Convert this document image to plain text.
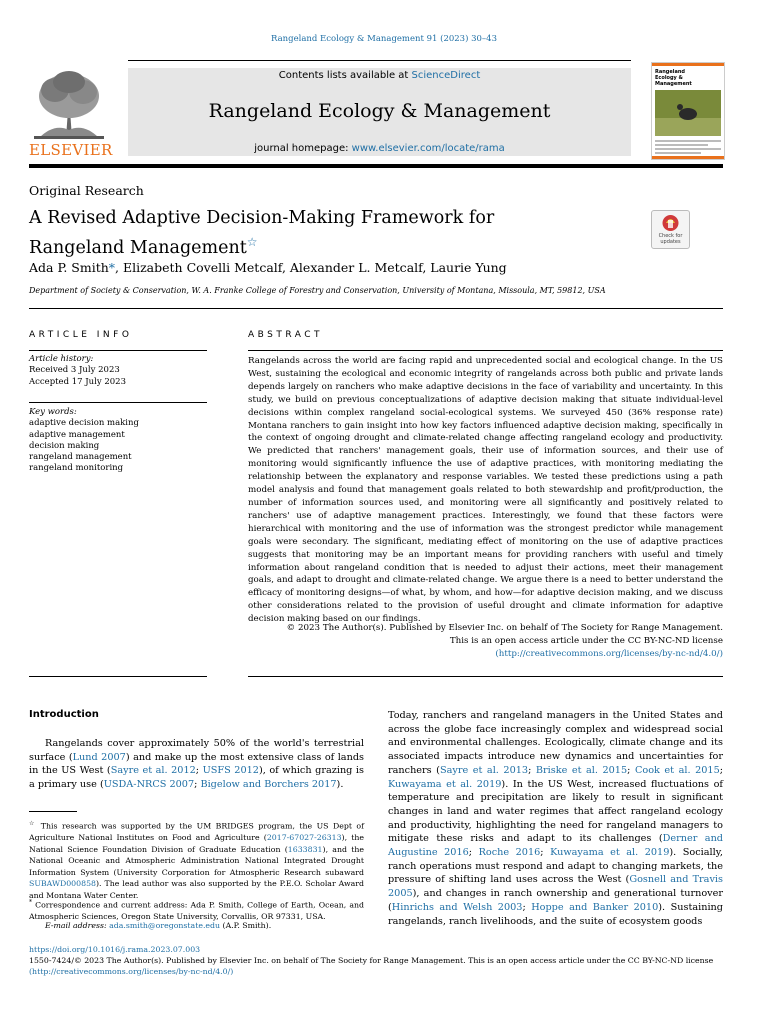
Rangeland Ecology & Management 91 (2023) 30–43
ELSEVIER
Contents lists available at ScienceDirect
Rangeland Ecology & Management
journal homepage: www.elsevier.com/locate/rama
Rangeland
Ecology & Management
Original Research
A Revised Adaptive Decision-Making Framework for Rangeland Management☆	Check for
updates
Ada P. Smith*, Elizabeth Covelli Metcalf, Alexander L. Metcalf, Laurie Yung
Department of Society & Conservation, W. A. Franke College of Forestry and Conservation, University of Montana, Missoula, MT, 59812, USA
ARTICLE INFO
Article history:
Received 3 July 2023
Accepted 17 July 2023
Key words:
adaptive decision making
adaptive management
decision making
rangeland management
rangeland monitoring
ABSTRACT
Rangelands across the world are facing rapid and unprecedented social and ecological change. In the US West, sustaining the ecological and economic integrity of rangelands across both public and private lands depends largely on ranchers who make adaptive decisions in the face of variability and uncertainty. In this study, we build on previous conceptualizations of adaptive decision making that situate individual-level decisions within complex rangeland social-ecological systems. We surveyed 450 (36% response rate) Montana ranchers to gain insight into how key factors influenced adaptive decision making, specifically in the context of ongoing drought and climate-related change affecting rangeland ecology and productivity. We predicted that ranchers' management goals, their use of information sources, and their use of monitoring would significantly influence the use of adaptive practices, with monitoring mediating the relationship between the explanatory and response variables. We tested these predictions using a path model analysis and found that management goals related to both stewardship and profit/production, the number of information sources used, and monitoring were all significantly and positively related to ranchers' use of adaptive management practices. Interestingly, we found that these factors were hierarchical with monitoring and the use of information was the strongest predictor while management goals were secondary. The significant, mediating effect of monitoring on the use of adaptive practices suggests that monitoring may be an important means for providing ranchers with useful and timely information about rangeland condition that is needed to adjust their actions, meet their management goals, and adapt to drought and climate-related change. We argue there is a need to better understand the efficacy of monitoring designs—of what, by whom, and how—for adaptive decision making, and we discuss other considerations related to the provision of useful drought and climate information for adaptive decision making based on our findings.
© 2023 The Author(s). Published by Elsevier Inc. on behalf of The Society for Range Management.
This is an open access article under the CC BY-NC-ND license
(http://creativecommons.org/licenses/by-nc-nd/4.0/)
Introduction
Rangelands cover approximately 50% of the world's terrestrial surface (Lund 2007) and make up the most extensive class of lands in the US West (Sayre et al. 2012; USFS 2012), of which grazing is a primary use (USDA-NRCS 2007; Bigelow and Borchers 2017).
Today, ranchers and rangeland managers in the United States and across the globe face increasingly complex and widespread social and environmental challenges. Ecologically, climate change and its associated impacts introduce new dynamics and uncertainties for ranchers (Sayre et al. 2013; Briske et al. 2015; Cook et al. 2015; Kuwayama et al. 2019). In the US West, increased fluctuations of temperature and precipitation are likely to result in significant changes in land and water regimes that affect rangeland ecology and productivity, highlighting the need for rangeland managers to mitigate these risks and adapt to its challenges (Derner and Augustine 2016; Roche 2016; Kuwayama et al. 2019). Socially, ranch operations must respond and adapt to changing markets, the pressure of shifting land uses across the West (Gosnell and Travis 2005), and changes in ranch ownership and generational turnover (Hinrichs and Welsh 2003; Hoppe and Banker 2010). Sustaining rangelands, ranch livelihoods, and the suite of ecosystem goods
☆ This research was supported by the UM BRIDGES program, the US Dept of Agriculture National Institutes on Food and Agriculture (2017-67027-26313), the National Science Foundation Division of Graduate Education (1633831), and the National Oceanic and Atmospheric Administration National Integrated Drought Information System (University Corporation for Atmospheric Research subaward SUBAWD000858). The lead author was also supported by the P.E.O. Scholar Award and Montana Water Center.
* Correspondence and current address: Ada P. Smith, College of Earth, Ocean, and Atmospheric Sciences, Oregon State University, Corvallis, OR 97331, USA.
E-mail address: ada.smith@oregonstate.edu (A.P. Smith).
https://doi.org/10.1016/j.rama.2023.07.003
1550-7424/© 2023 The Author(s). Published by Elsevier Inc. on behalf of The Society for Range Management. This is an open access article under the CC BY-NC-ND license
(http://creativecommons.org/licenses/by-nc-nd/4.0/)
